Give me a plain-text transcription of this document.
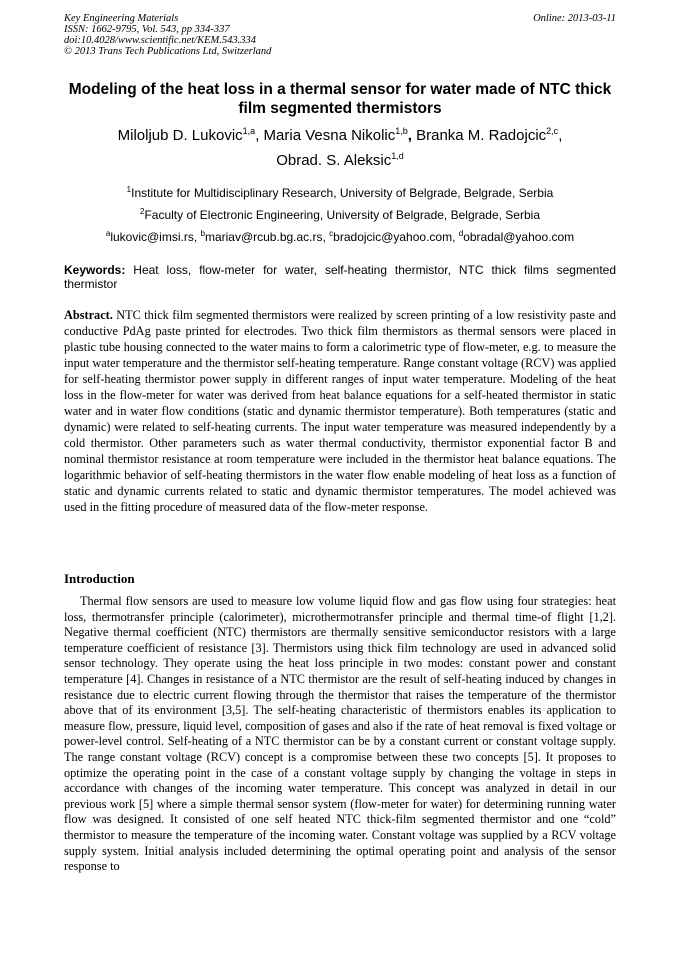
Key Engineering Materials
ISSN: 1662-9795, Vol. 543, pp 334-337
doi:10.4028/www.scientific.net/KEM.543.334
© 2013 Trans Tech Publications Ltd, Switzerland
Online: 2013-03-11
Modeling of the heat loss in a thermal sensor for water made of NTC thick film segmented thermistors
Miloljub D. Lukovic$^{1,a}$, Maria Vesna Nikolic$^{1,b}$, Branka M. Radojcic$^{2,c}$,
Obrad. S. Aleksic$^{1,d}$
$^1$Institute for Multidisciplinary Research, University of Belgrade, Belgrade, Serbia
$^2$Faculty of Electronic Engineering, University of Belgrade, Belgrade, Serbia
$^a$lukovic@imsi.rs, $^b$mariav@rcub.bg.ac.rs, $^c$bradojcic@yahoo.com, $^d$obradal@yahoo.com
Keywords: Heat loss, flow-meter for water, self-heating thermistor, NTC thick films segmented thermistor
Abstract. NTC thick film segmented thermistors were realized by screen printing of a low resistivity paste and conductive PdAg paste printed for electrodes. Two thick film thermistors as thermal sensors were placed in plastic tube housing connected to the water mains to form a calorimetric type of flow-meter, e.g. to measure the input water temperature and the thermistor self-heating temperature. Range constant voltage (RCV) was applied for self-heating thermistor power supply in different ranges of input water temperature. Modeling of the heat loss in the flow-meter for water was derived from heat balance equations for a self-heated thermistor in static water and in water flow conditions (static and dynamic thermistor temperature). Both temperatures (static and dynamic) were related to self-heating currents. The input water temperature was measured independently by a cold thermistor. Other parameters such as water thermal conductivity, thermistor exponential factor B and nominal thermistor resistance at room temperature were included in the thermistor heat balance equations. The logarithmic behavior of self-heating thermistors in the water flow enable modeling of heat loss as a function of static and dynamic currents related to static and dynamic thermistor temperatures. The model achieved was used in the fitting procedure of measured data of the flow-meter response.
Introduction
Thermal flow sensors are used to measure low volume liquid flow and gas flow using four strategies: heat loss, thermotransfer principle (calorimeter), microthermotransfer principle and thermal time-of flight [1,2]. Negative thermal coefficient (NTC) thermistors are thermally sensitive semiconductor resistors with a large temperature coefficient of resistance [3]. Thermistors using thick film technology are used in advanced solid sensor technology. They operate using the heat loss principle in two modes: constant power and constant temperature [4]. Changes in resistance of a NTC thermistor are the result of self-heating induced by changes in resistance due to electric current flowing through the thermistor that raises the temperature of the thermistor above that of its environment [3,5]. The self-heating characteristic of thermistors enables its application to measure flow, pressure, liquid level, composition of gases and also if the rate of heat removal is fixed voltage or power-level control. Self-heating of a NTC thermistor can be by a constant current or constant voltage supply. The range constant voltage (RCV) concept is a compromise between these two concepts [5]. It proposes to optimize the operating point in the case of a constant voltage supply by changing the voltage in steps in accordance with changes of the incoming water temperature. This concept was analyzed in detail in our previous work [5] where a simple thermal sensor system (flow-meter for water) for determining running water flow was designed. It consisted of one self heated NTC thick-film segmented thermistor and one “cold” thermistor to measure the temperature of the incoming water. Constant voltage was supplied by a RCV voltage supply system. Initial analysis included determining the optimal operating point and analysis of the sensor response to
